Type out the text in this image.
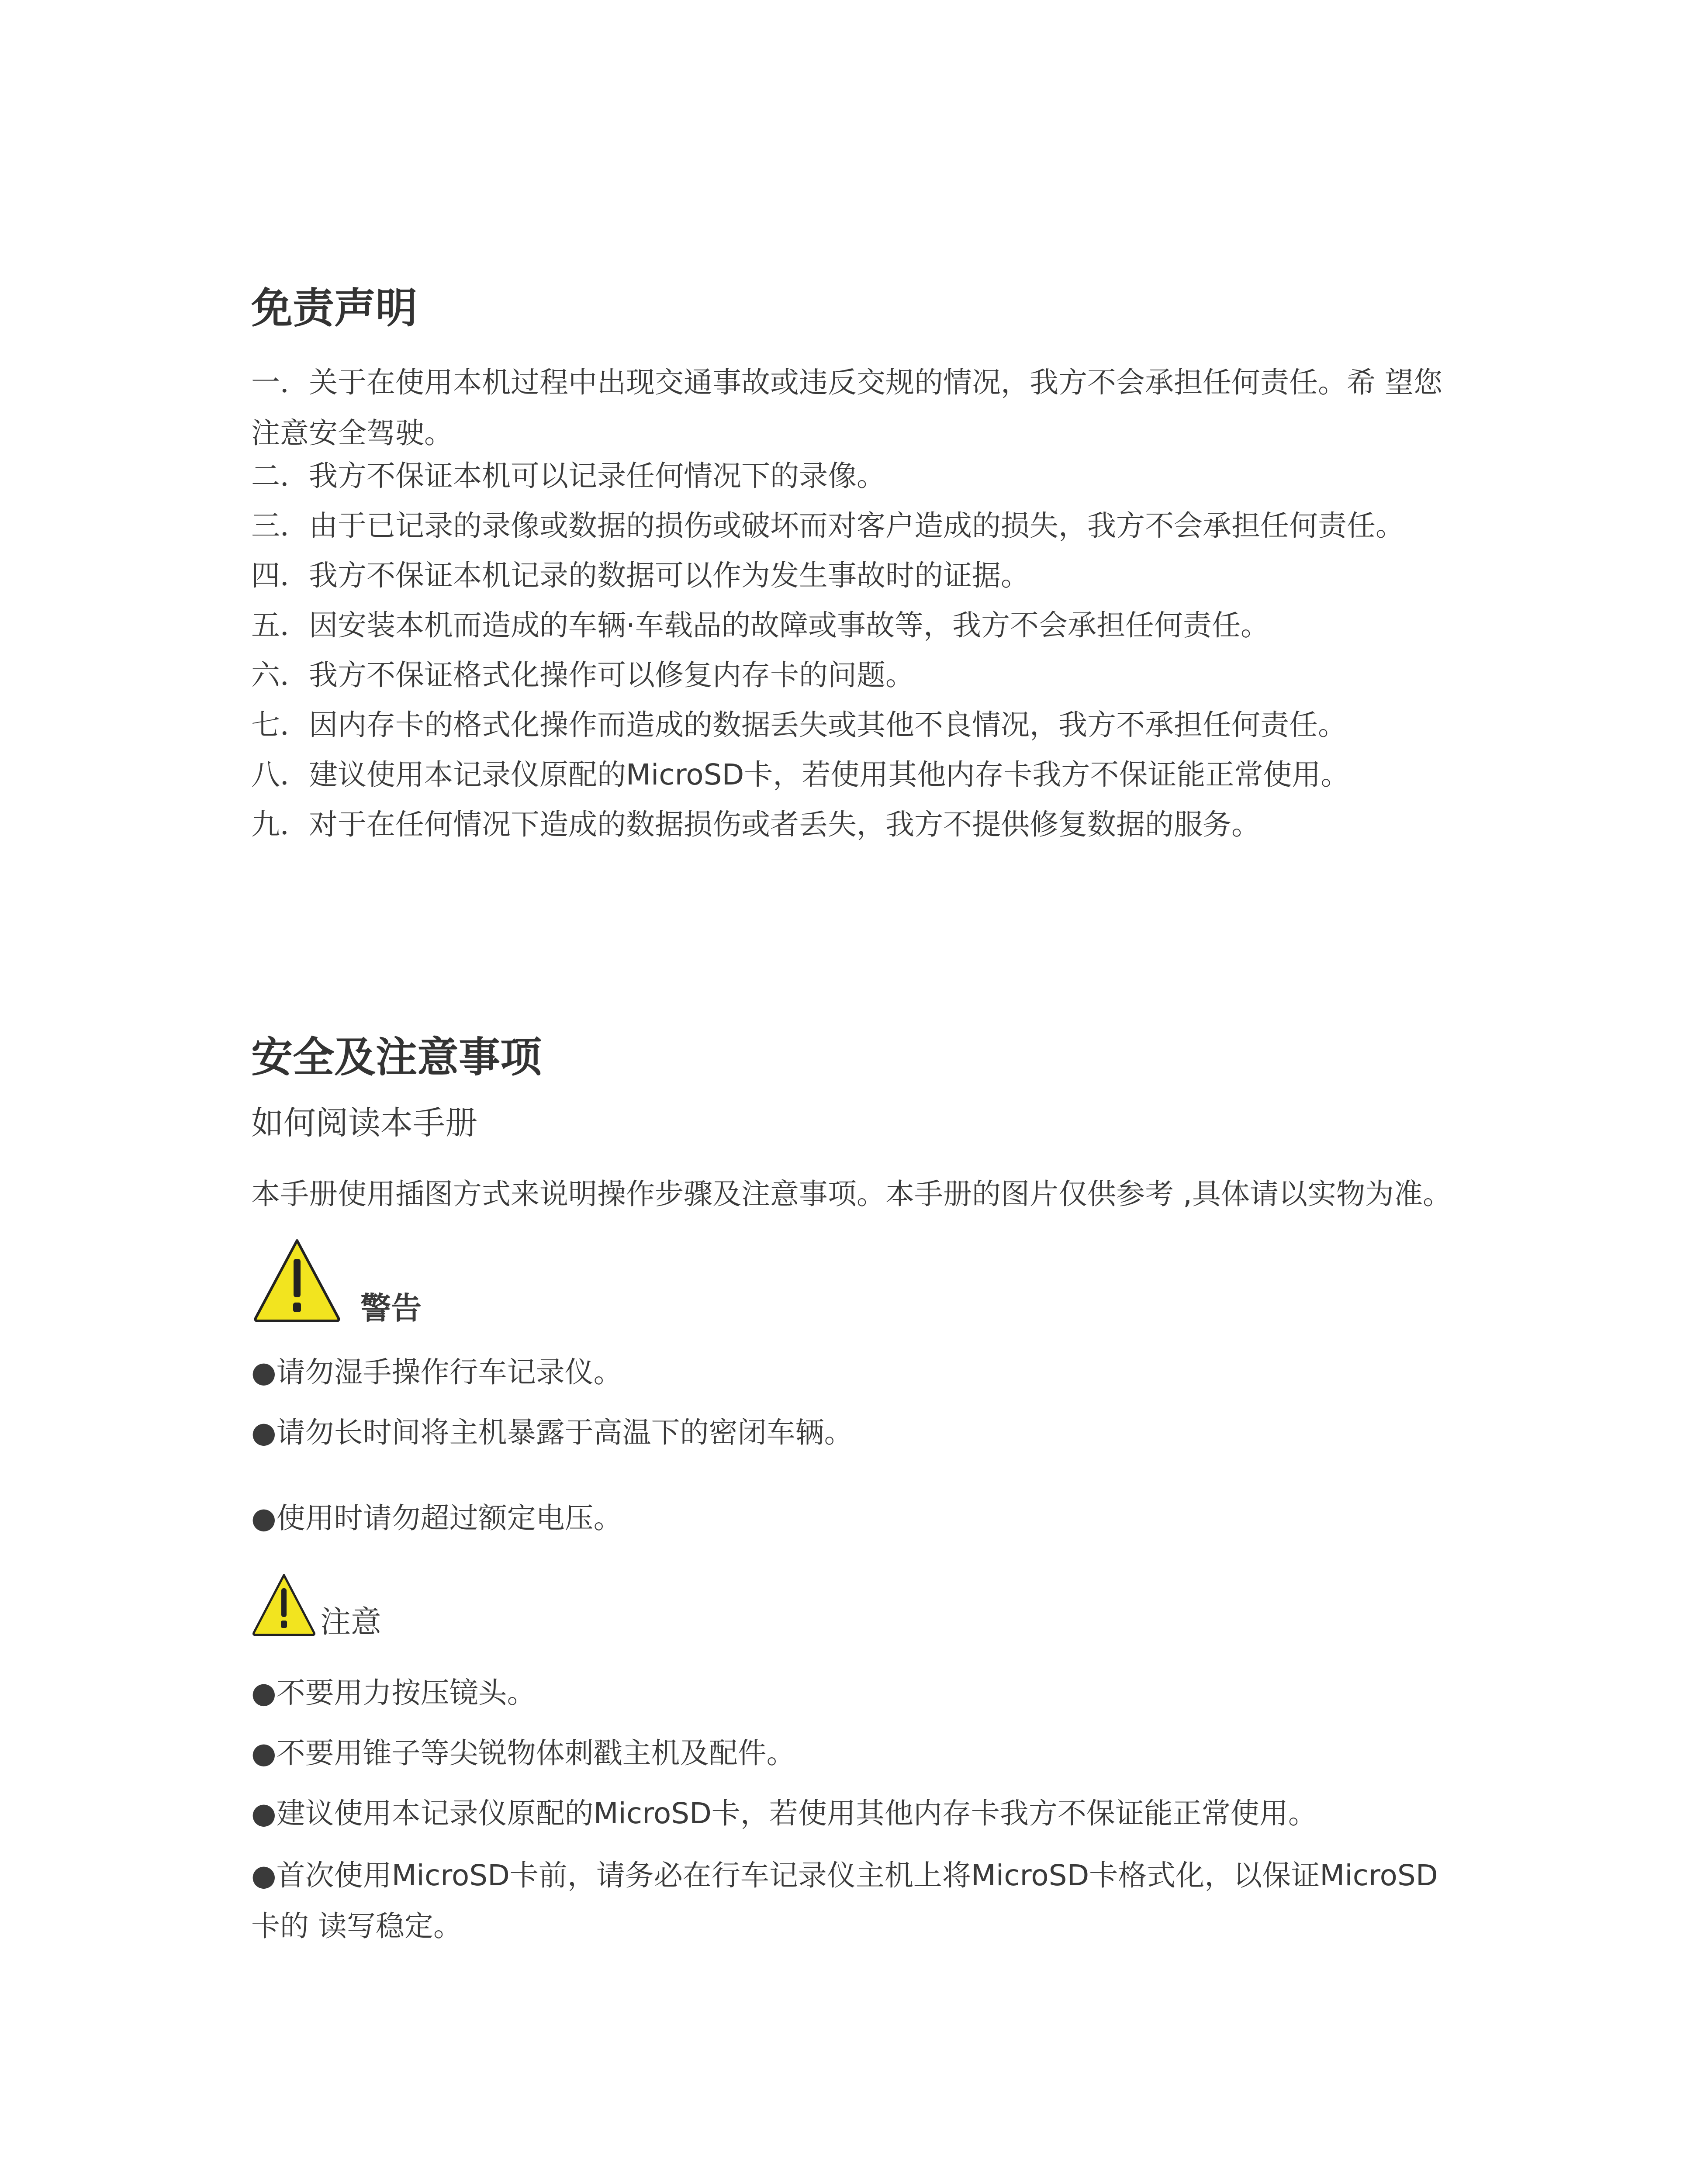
免责声明

一．关于在使用本机过程中出现交通事故或违反交规的情况，我方不会承担任何责任。希 望您注意安全驾驶。

二．我方不保证本机可以记录任何情况下的录像。

三．由于已记录的录像或数据的损伤或破坏而对客户造成的损失，我方不会承担任何责任。

四．我方不保证本机记录的数据可以作为发生事故时的证据。

五．因安装本机而造成的车辆·车载品的故障或事故等，我方不会承担任何责任。

六．我方不保证格式化操作可以修复内存卡的问题。

七．因内存卡的格式化操作而造成的数据丢失或其他不良情况，我方不承担任何责任。

八．建议使用本记录仪原配的MicroSD卡，若使用其他内存卡我方不保证能正常使用。

九．对于在任何情况下造成的数据损伤或者丢失，我方不提供修复数据的服务。

安全及注意事项

如何阅读本手册

本手册使用插图方式来说明操作步骤及注意事项。本手册的图片仅供参考 ,具体请以实物为准。

警告

●请勿湿手操作行车记录仪。

●请勿长时间将主机暴露于高温下的密闭车辆。

●使用时请勿超过额定电压。

注意

●不要用力按压镜头。

●不要用锥子等尖锐物体刺戳主机及配件。

●建议使用本记录仪原配的MicroSD卡，若使用其他内存卡我方不保证能正常使用。

●首次使用MicroSD卡前，请务必在行车记录仪主机上将MicroSD卡格式化，以保证MicroSD卡的 读写稳定。
